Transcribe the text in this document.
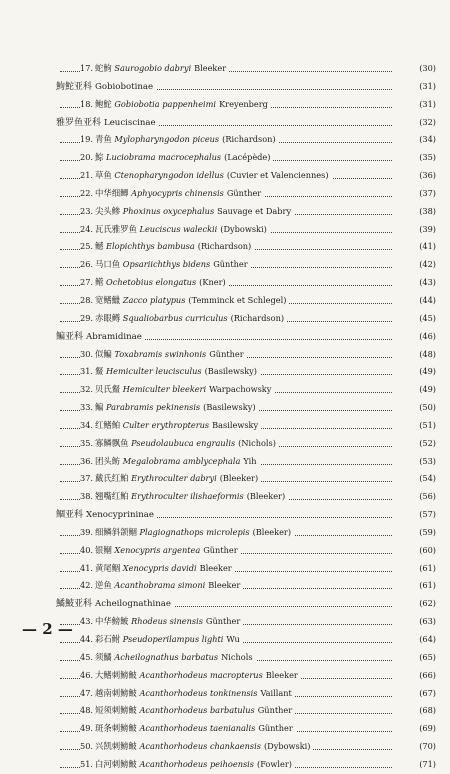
17. 蛇鮈 Saurogobio dabryi Bleeker	(30)
鮈鮀亚科 Gobiobotinae	(31)
18. 鲍鮀 Gobiobotia pappenheimi Kreyenberg	(31)
雅罗鱼亚科 Leuciscinae	(32)
19. 青鱼 Mylopharyngodon piceus (Richardson)	(34)
20. 鯮 Luciobrama macrocephalus (Lacépède)	(35)
21. 草鱼 Ctenopharyngodon idellus (Cuvier et Valenciennes)	(36)
22. 中华细鲫 Aphyocypris chinensis Günther	(37)
23. 尖头鲹 Phoxinus oxycephalus Sauvage et Dabry	(38)
24. 瓦氏雅罗鱼 Leuciscus waleckii (Dybowski)	(39)
25. 鳡 Elopichthys bambusa (Richardson)	(41)
26. 马口鱼 Opsariichthys bidens Günther	(42)
27. 鳤 Ochetobius elongatus (Kner)	(43)
28. 宽鳍鱲 Zacco platypus (Temminck et Schlegel)	(44)
29. 赤眼鳟 Squaliobarbus curriculus (Richardson)	(45)
鳊亚科 Abramidinae	(46)
30. 似鳊 Toxabramis swinhonis Günther	(48)
31. 䱗 Hemiculter leucisculus (Basilewsky)	(49)
32. 贝氏䱗 Hemiculter bleekeri Warpachowsky	(49)
33. 鳊 Parabramis pekinensis (Basilewsky)	(50)
34. 红鳍鲌 Culter erythropterus Basilewsky	(51)
35. 寡鳞飘鱼 Pseudolaubuca engraulis (Nichols)	(52)
36. 团头鲂 Megalobrama amblycephala Yih	(53)
37. 戴氏红鲌 Erythroculter dabryi (Bleeker)	(54)
38. 翘嘴红鲌 Erythroculter ilishaeformis (Bleeker)	(56)
鲴亚科 Xenocyprininae	(57)
39. 细鳞斜颌鲴 Plagiognathops microlepis (Bleeker)	(59)
40. 银鲴 Xenocypris argentea Günther	(60)
41. 黄尾鲴 Xenocypris davidi Bleeker	(61)
42. 逆鱼 Acanthobrama simoni Bleeker	(61)
鱊鮍亚科 Acheilognathinae	(62)
43. 中华鳑鲏 Rhodeus sinensis Günther	(63)
44. 彩石鲋 Pseudoperilampus lighti Wu	(64)
45. 须鱊 Acheilognathus barbatus Nichols	(65)
46. 大鳍刺鳑鲏 Acanthorhodeus macropterus Bleeker	(66)
47. 越南刺鳑鲏 Acanthorhodeus tonkinensis Vaillant	(67)
48. 短须刺鳑鲏 Acanthorhodeus barbatulus Günther	(68)
49. 斑条刺鳑鲏 Acanthorhodeus taenianalis Günther	(69)
50. 兴凯刺鳑鲏 Acanthorhodeus chankaensis (Dybowski)	(70)
51. 白河刺鳑鲏 Acanthorhodeus peihoensis (Fowler)	(71)
— 2 —
